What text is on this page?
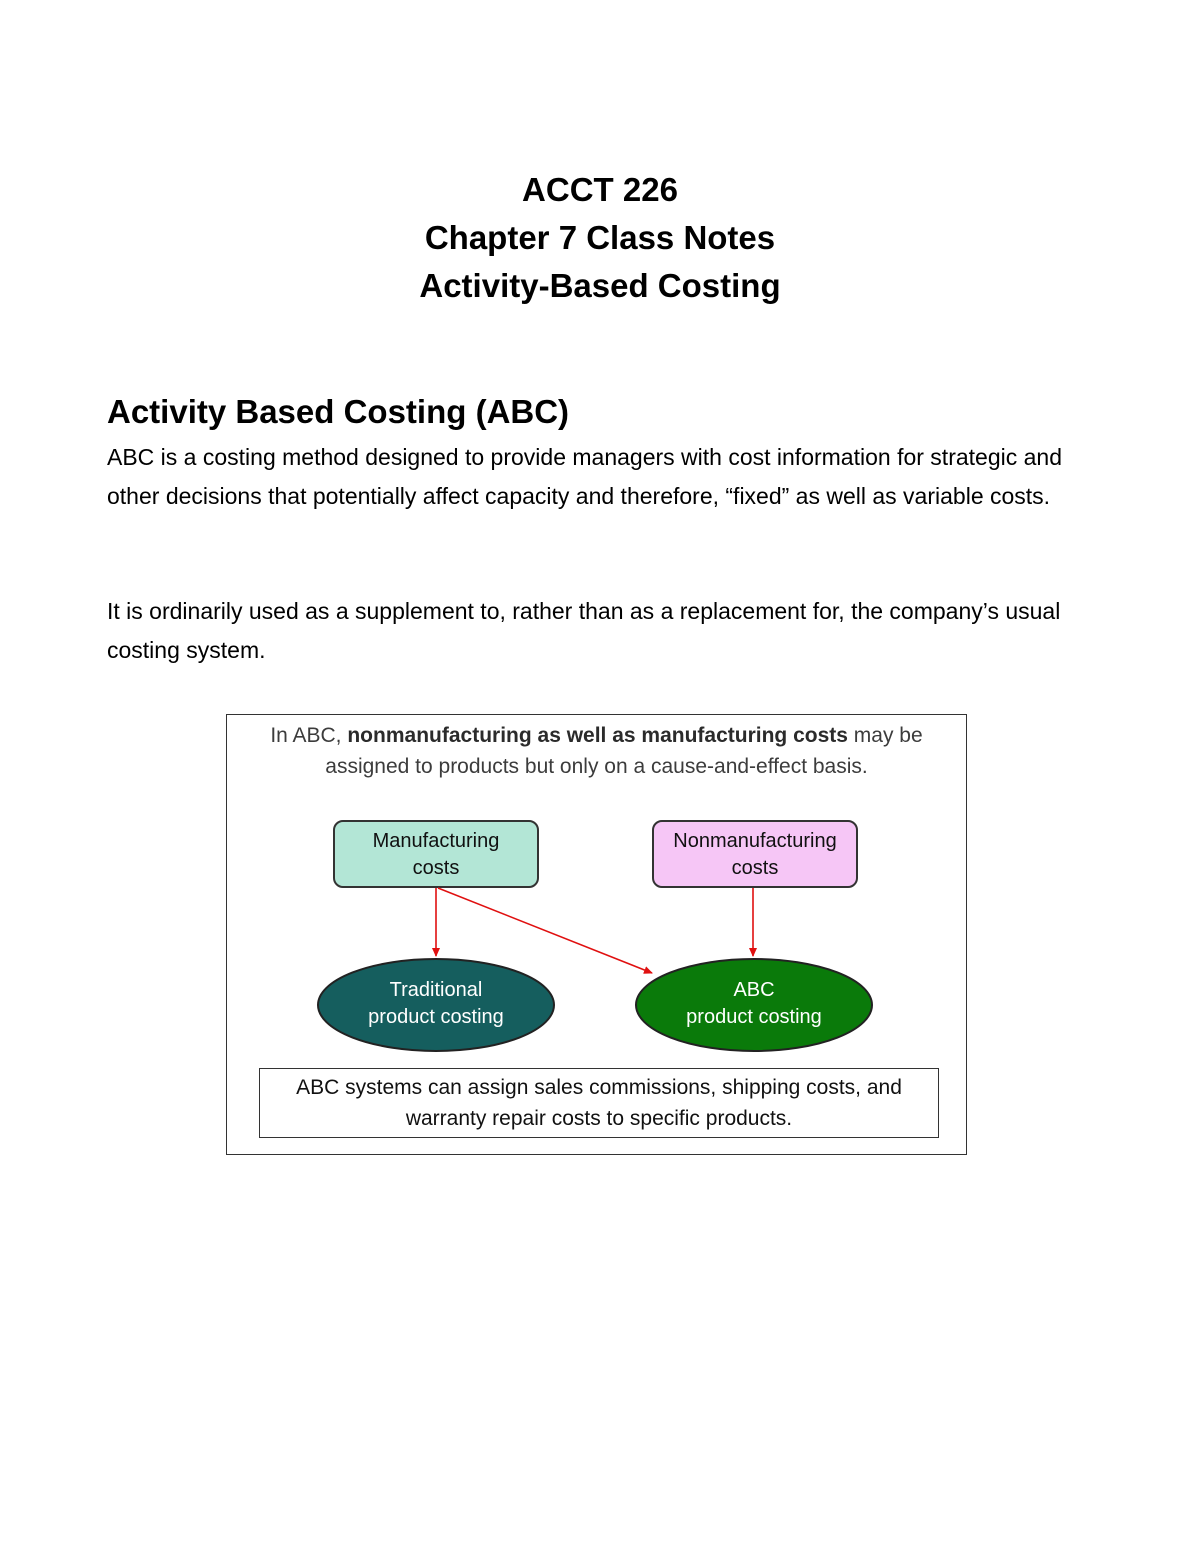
ACCT 226
Chapter 7 Class Notes
Activity-Based Costing
Activity Based Costing (ABC)
ABC is a costing method designed to provide managers with cost information for strategic and other decisions that potentially affect capacity and therefore, “fixed” as well as variable costs.
It is ordinarily used as a supplement to, rather than as a replacement for, the company’s usual costing system.
In ABC, nonmanufacturing as well as manufacturing costs may be assigned to products but only on a cause-and-effect basis.
Manufacturing
costs
Nonmanufacturing
costs
Traditional
product costing
ABC
product costing
ABC systems can assign sales commissions, shipping costs, and warranty repair costs to specific products.
